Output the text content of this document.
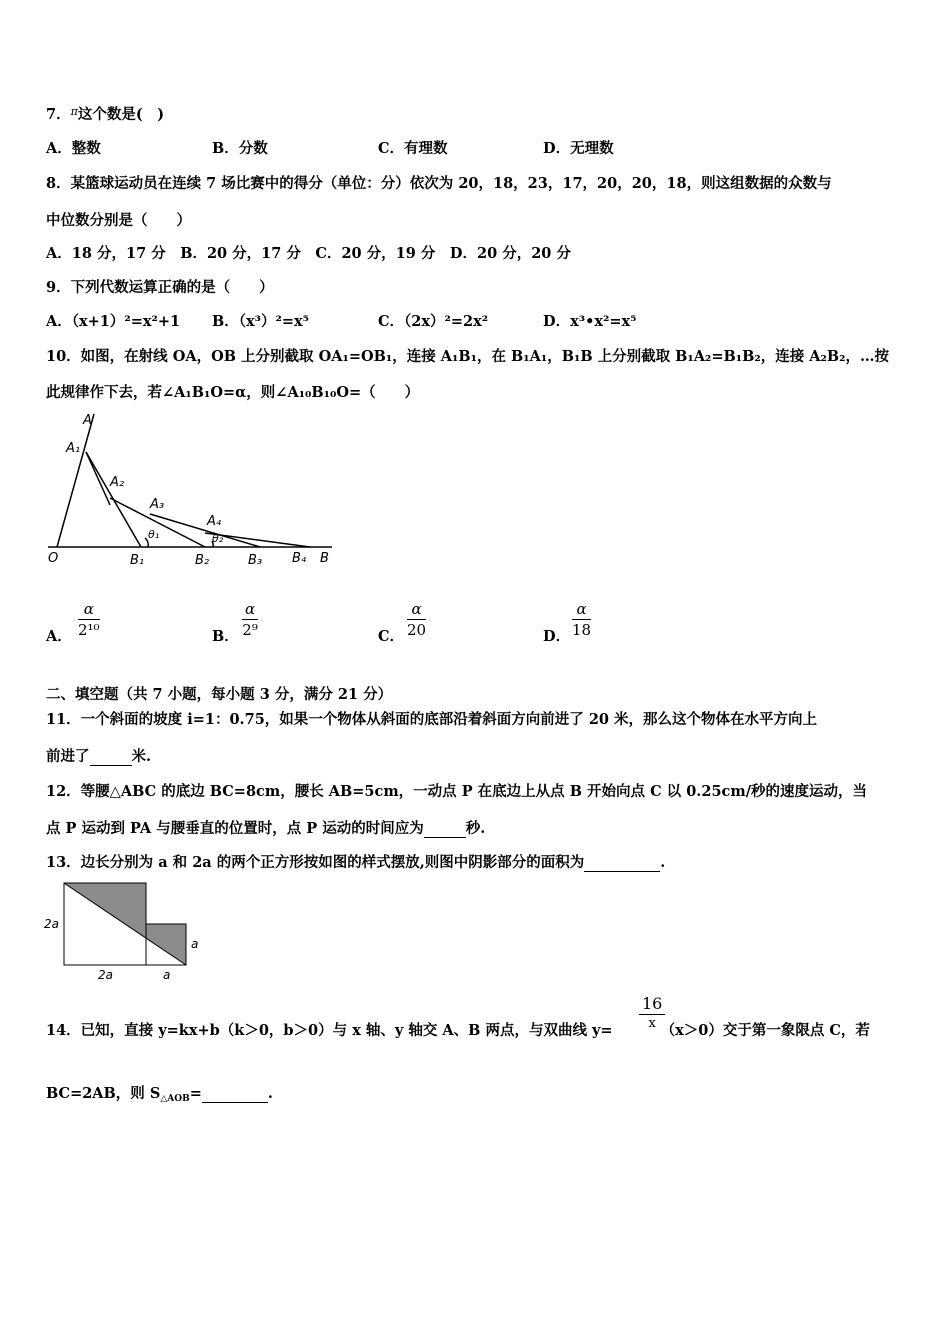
7．$^\pi$这个数是(　)
A．整数	B．分数	C．有理数	D．无理数
8．某篮球运动员在连续 7 场比赛中的得分（单位：分）依次为 20，18，23，17，20，20，18，则这组数据的众数与
中位数分别是（　　）
A．18 分，17 分　B．20 分，17 分　C．20 分，19 分　D．20 分，20 分
9．下列代数运算正确的是（　　）
A．（x+1）²=x²+1 B．（x³）²=x⁵	C．（2x）²=2x²	D．x³•x²=x⁵
10．如图，在射线 OA，OB 上分别截取 OA₁=OB₁，连接 A₁B₁，在 B₁A₁，B₁B 上分别截取 B₁A₂=B₁B₂，连接 A₂B₂，…按
此规律作下去，若∠A₁B₁O=α，则∠A₁₀B₁₀O=（　　）
A
A₁
A₂
A₃
A₄
θ₁	θ₂
O	B₁	B₂	B₃ B₄ B
A． $\frac{\alpha}{\text{2¹⁰}}$	B． $\frac{\alpha}{\text{2⁹}}$	C． $\frac{\alpha}{20}$	D． $\frac{\alpha}{18}$
二、填空题（共 7 小题，每小题 3 分，满分 21 分）
11．一个斜面的坡度 i=1：0.75，如果一个物体从斜面的底部沿着斜面方向前进了 20 米，那么这个物体在水平方向上
前进了	米.
12．等腰△ABC 的底边 BC=8cm，腰长 AB=5cm，一动点 P 在底边上从点 B 开始向点 C 以 0.25cm/秒的速度运动，当
点 P 运动到 PA 与腰垂直的位置时，点 P 运动的时间应为	秒.
13．边长分别为 a 和 2a 的两个正方形按如图的样式摆放,则图中阴影部分的面积为	.
2a
2a
a
a
14．已知，直接 y=kx+b（k＞0，b＞0）与 x 轴、y 轴交 A、B 两点，与双曲线 y=	（x＞0）交于第一象限点 C，若
16
x
BC=2AB，则 $S_{\triangle AOB}=$	.
